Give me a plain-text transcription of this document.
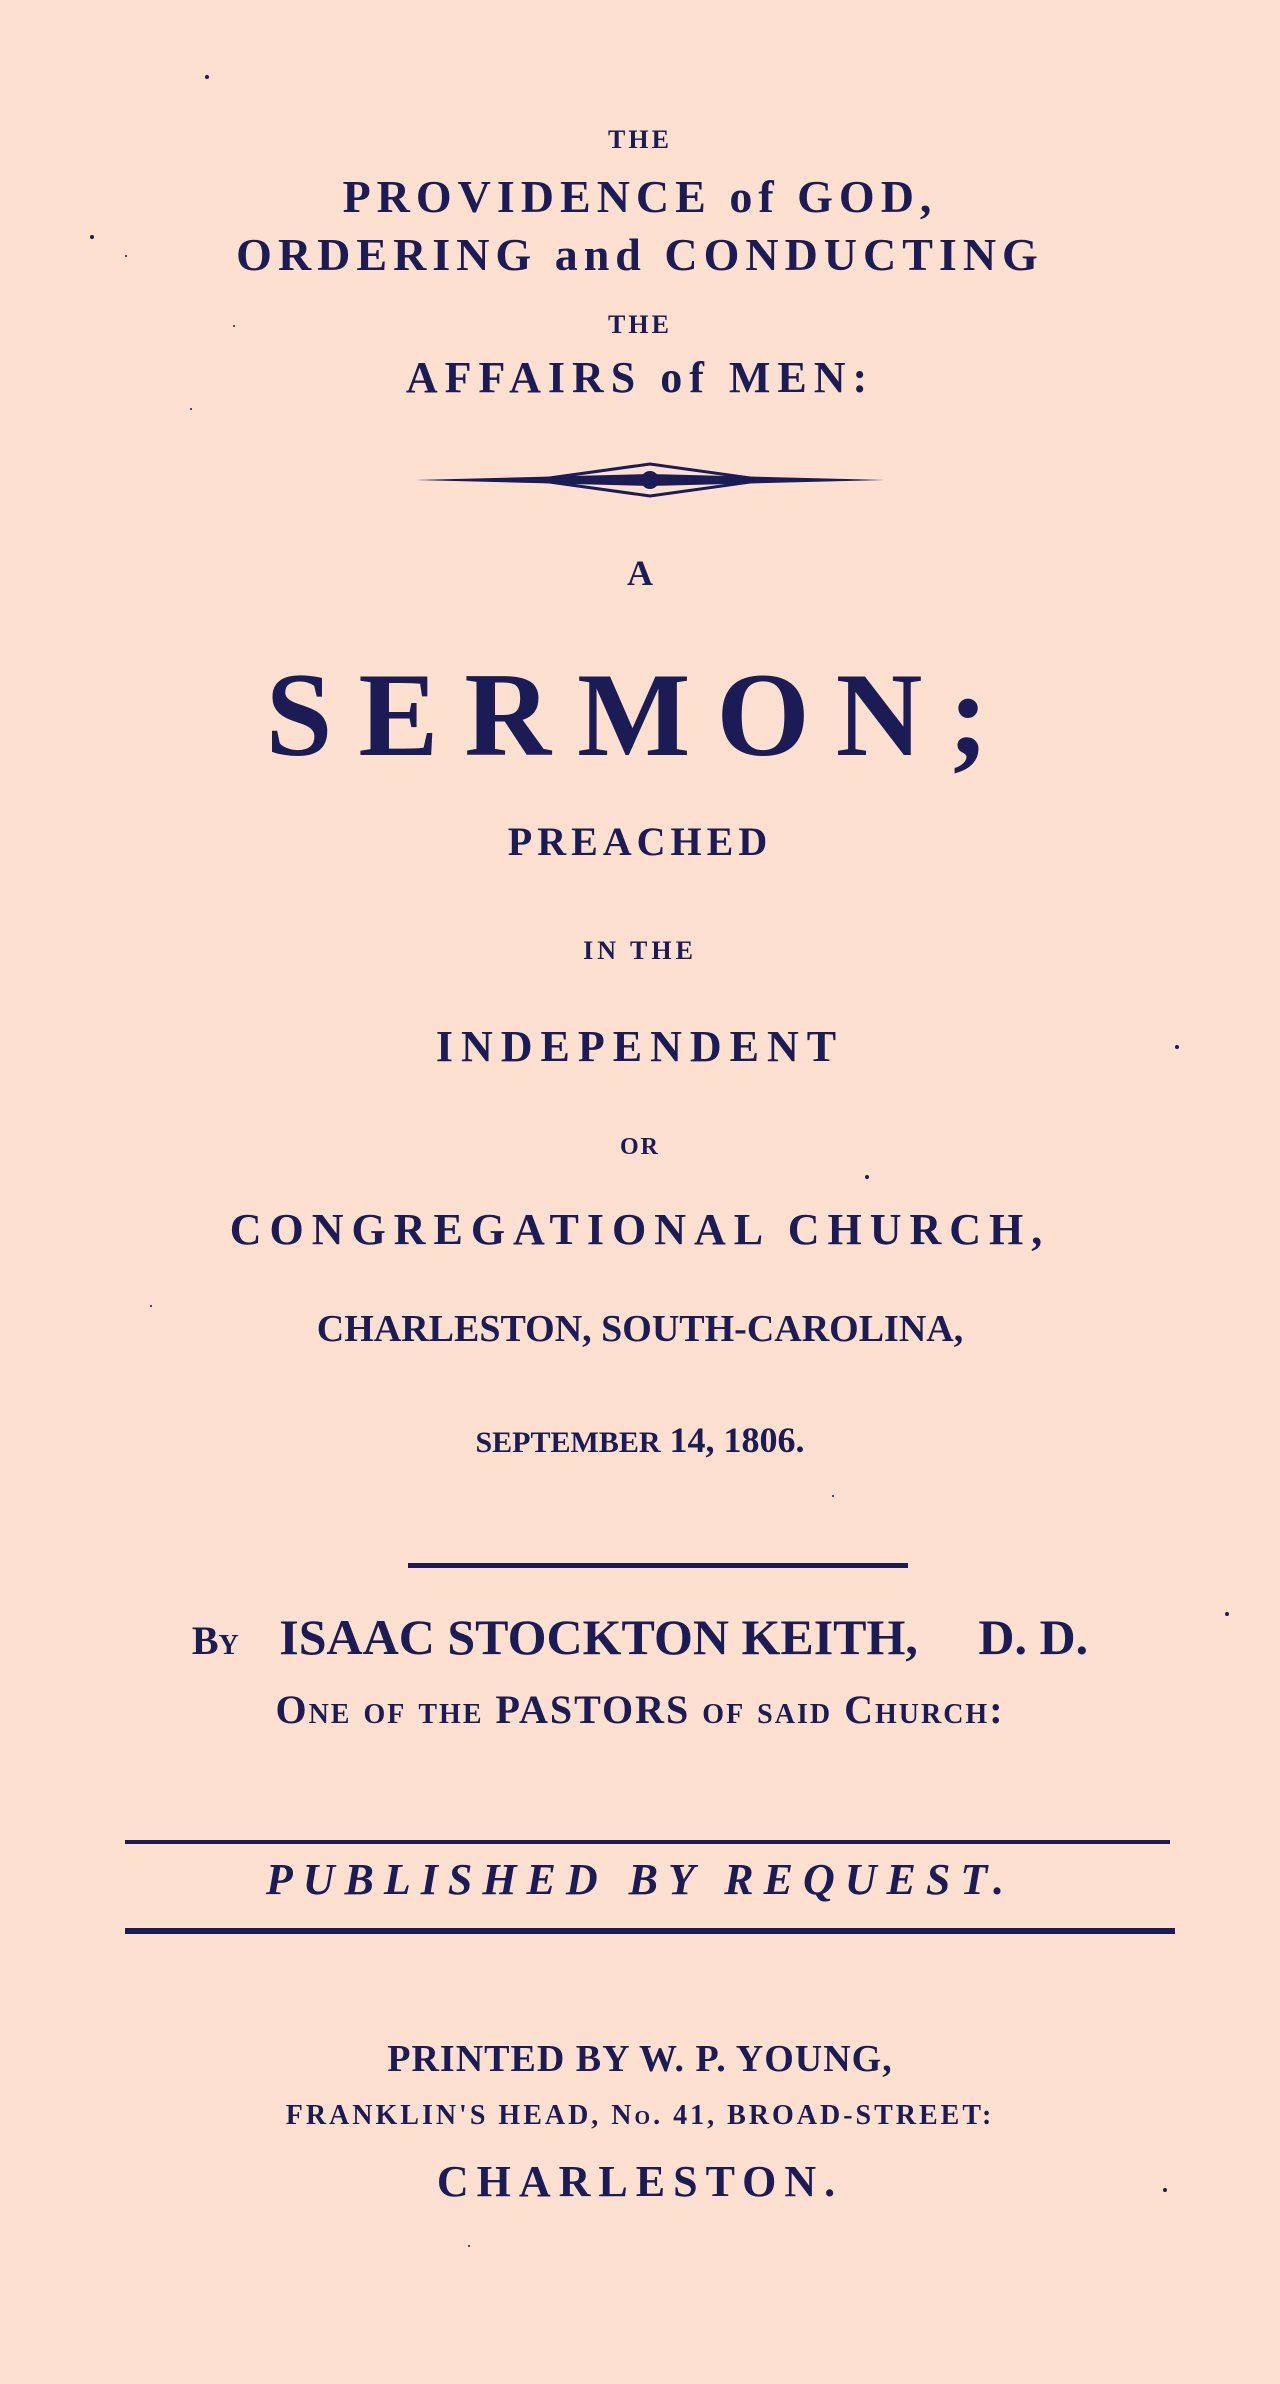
THE
PROVIDENCE of GOD,
ORDERING and CONDUCTING
THE
AFFAIRS of MEN:
A
SERMON;
PREACHED
IN THE
INDEPENDENT
OR
CONGREGATIONAL CHURCH,
CHARLESTON, SOUTH-CAROLINA,
SEPTEMBER 14, 1806.
By ISAAC STOCKTON KEITH, D. D.
One of the PASTORS of said Church:
PUBLISHED BY REQUEST.
PRINTED BY W. P. YOUNG,
FRANKLIN'S HEAD, No. 41, BROAD-STREET:
CHARLESTON.
